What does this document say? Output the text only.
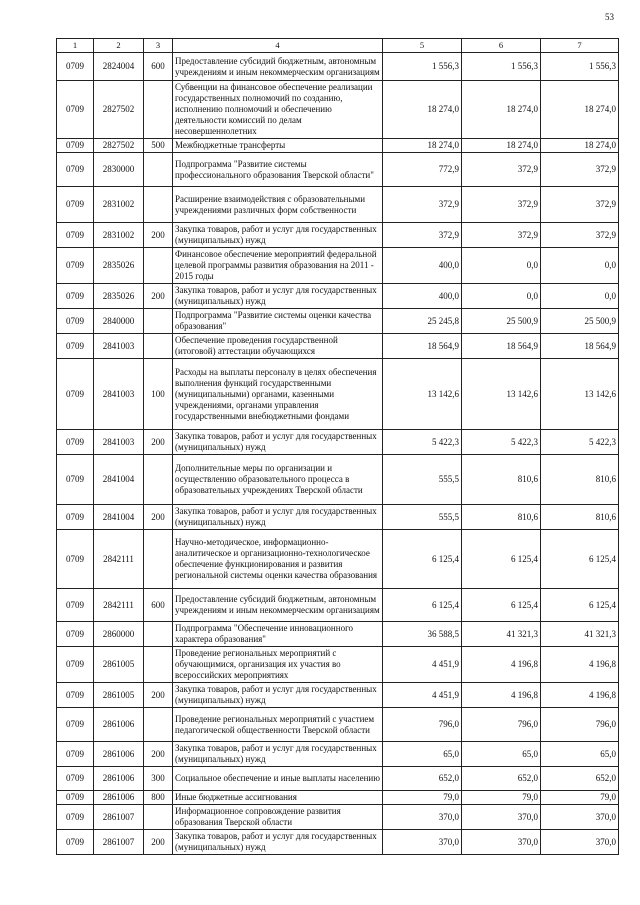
53
1	2	3	4	5	6	7
0709	2824004	600	Предоставление субсидий бюджетным, автономным учреждениям и иным некоммерческим организациям	1 556,3	1 556,3	1 556,3
0709	2827502		Субвенции на финансовое обеспечение реализации государственных полномочий по созданию, исполнению полномочий и обеспечению деятельности комиссий по делам несовершеннолетних	18 274,0	18 274,0	18 274,0
0709	2827502	500	Межбюджетные трансферты	18 274,0	18 274,0	18 274,0
0709	2830000		Подпрограмма "Развитие системы профессионального образования Тверской области"	772,9	372,9	372,9
0709	2831002		Расширение взаимодействия с образовательными учреждениями различных форм собственности	372,9	372,9	372,9
0709	2831002	200	Закупка товаров, работ и услуг для государственных (муниципальных) нужд	372,9	372,9	372,9
0709	2835026		Финансовое обеспечение мероприятий федеральной целевой программы развития образования на 2011 - 2015 годы	400,0	0,0	0,0
0709	2835026	200	Закупка товаров, работ и услуг для государственных (муниципальных) нужд	400,0	0,0	0,0
0709	2840000		Подпрограмма "Развитие системы оценки качества образования"	25 245,8	25 500,9	25 500,9
0709	2841003		Обеспечение проведения государственной (итоговой) аттестации обучающихся	18 564,9	18 564,9	18 564,9
0709	2841003	100	Расходы на выплаты персоналу в целях обеспечения выполнения функций государственными (муниципальными) органами, казенными учреждениями, органами управления государственными внебюджетными фондами	13 142,6	13 142,6	13 142,6
0709	2841003	200	Закупка товаров, работ и услуг для государственных (муниципальных) нужд	5 422,3	5 422,3	5 422,3
0709	2841004		Дополнительные меры по организации и осуществлению образовательного процесса в образовательных учреждениях Тверской области	555,5	810,6	810,6
0709	2841004	200	Закупка товаров, работ и услуг для государственных (муниципальных) нужд	555,5	810,6	810,6
0709	2842111		Научно-методическое, информационно-аналитическое и организационно-технологическое обеспечение функционирования и развития региональной системы оценки качества образования	6 125,4	6 125,4	6 125,4
0709	2842111	600	Предоставление субсидий бюджетным, автономным учреждениям и иным некоммерческим организациям	6 125,4	6 125,4	6 125,4
0709	2860000		Подпрограмма "Обеспечение инновационного характера образования"	36 588,5	41 321,3	41 321,3
0709	2861005		Проведение региональных мероприятий с обучающимися, организация их участия во всероссийских мероприятиях	4 451,9	4 196,8	4 196,8
0709	2861005	200	Закупка товаров, работ и услуг для государственных (муниципальных) нужд	4 451,9	4 196,8	4 196,8
0709	2861006		Проведение региональных мероприятий с участием педагогической общественности Тверской области	796,0	796,0	796,0
0709	2861006	200	Закупка товаров, работ и услуг для государственных (муниципальных) нужд	65,0	65,0	65,0
0709	2861006	300	Социальное обеспечение и иные выплаты населению	652,0	652,0	652,0
0709	2861006	800	Иные бюджетные ассигнования	79,0	79,0	79,0
0709	2861007		Информационное сопровождение развития образования Тверской области	370,0	370,0	370,0
0709	2861007	200	Закупка товаров, работ и услуг для государственных (муниципальных) нужд	370,0	370,0	370,0
